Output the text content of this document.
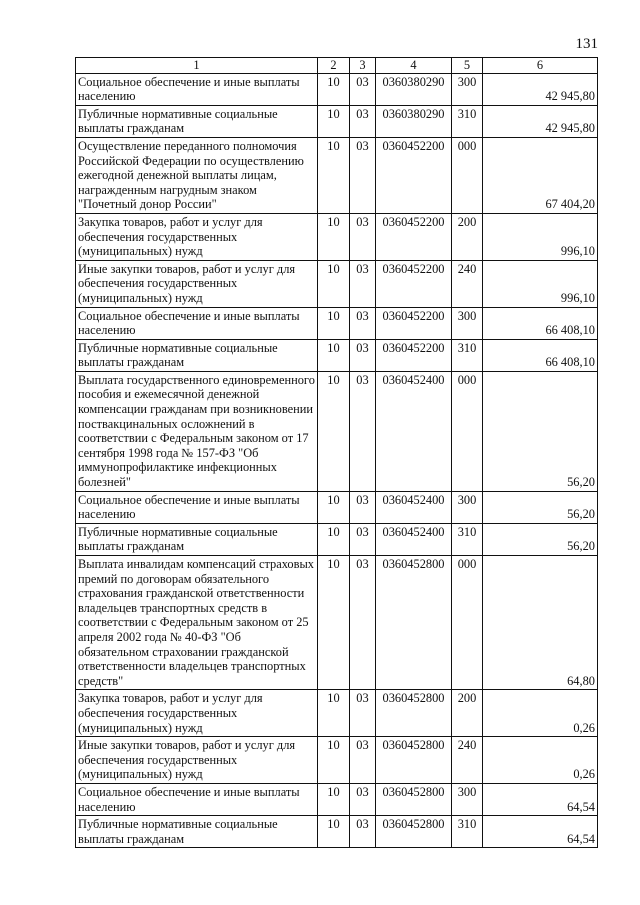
131
1	2	3	4	5	6
Социальное обеспечение и иные выплаты населению	10	03	0360380290	300	42 945,80
Публичные нормативные социальные выплаты гражданам	10	03	0360380290	310	42 945,80
Осуществление переданного полномочия Российской Федерации по осуществлению ежегодной денежной выплаты лицам, награжденным нагрудным знаком "Почетный донор России"	10	03	0360452200	000	67 404,20
Закупка товаров, работ и услуг для обеспечения государственных (муниципальных) нужд	10	03	0360452200	200	996,10
Иные закупки товаров, работ и услуг для обеспечения государственных (муниципальных) нужд	10	03	0360452200	240	996,10
Социальное обеспечение и иные выплаты населению	10	03	0360452200	300	66 408,10
Публичные нормативные социальные выплаты гражданам	10	03	0360452200	310	66 408,10
Выплата государственного единовременного пособия и ежемесячной денежной компенсации гражданам при возникновении поствакцинальных осложнений в соответствии с Федеральным законом от 17 сентября 1998 года № 157-ФЗ "Об иммунопрофилактике инфекционных болезней"	10	03	0360452400	000	56,20
Социальное обеспечение и иные выплаты населению	10	03	0360452400	300	56,20
Публичные нормативные социальные выплаты гражданам	10	03	0360452400	310	56,20
Выплата инвалидам компенсаций страховых премий по договорам обязательного страхования гражданской ответственности владельцев транспортных средств в соответствии с Федеральным законом от 25 апреля 2002 года № 40-ФЗ "Об обязательном страховании гражданской ответственности владельцев транспортных средств"	10	03	0360452800	000	64,80
Закупка товаров, работ и услуг для обеспечения государственных (муниципальных) нужд	10	03	0360452800	200	0,26
Иные закупки товаров, работ и услуг для обеспечения государственных (муниципальных) нужд	10	03	0360452800	240	0,26
Социальное обеспечение и иные выплаты населению	10	03	0360452800	300	64,54
Публичные нормативные социальные выплаты гражданам	10	03	0360452800	310	64,54
